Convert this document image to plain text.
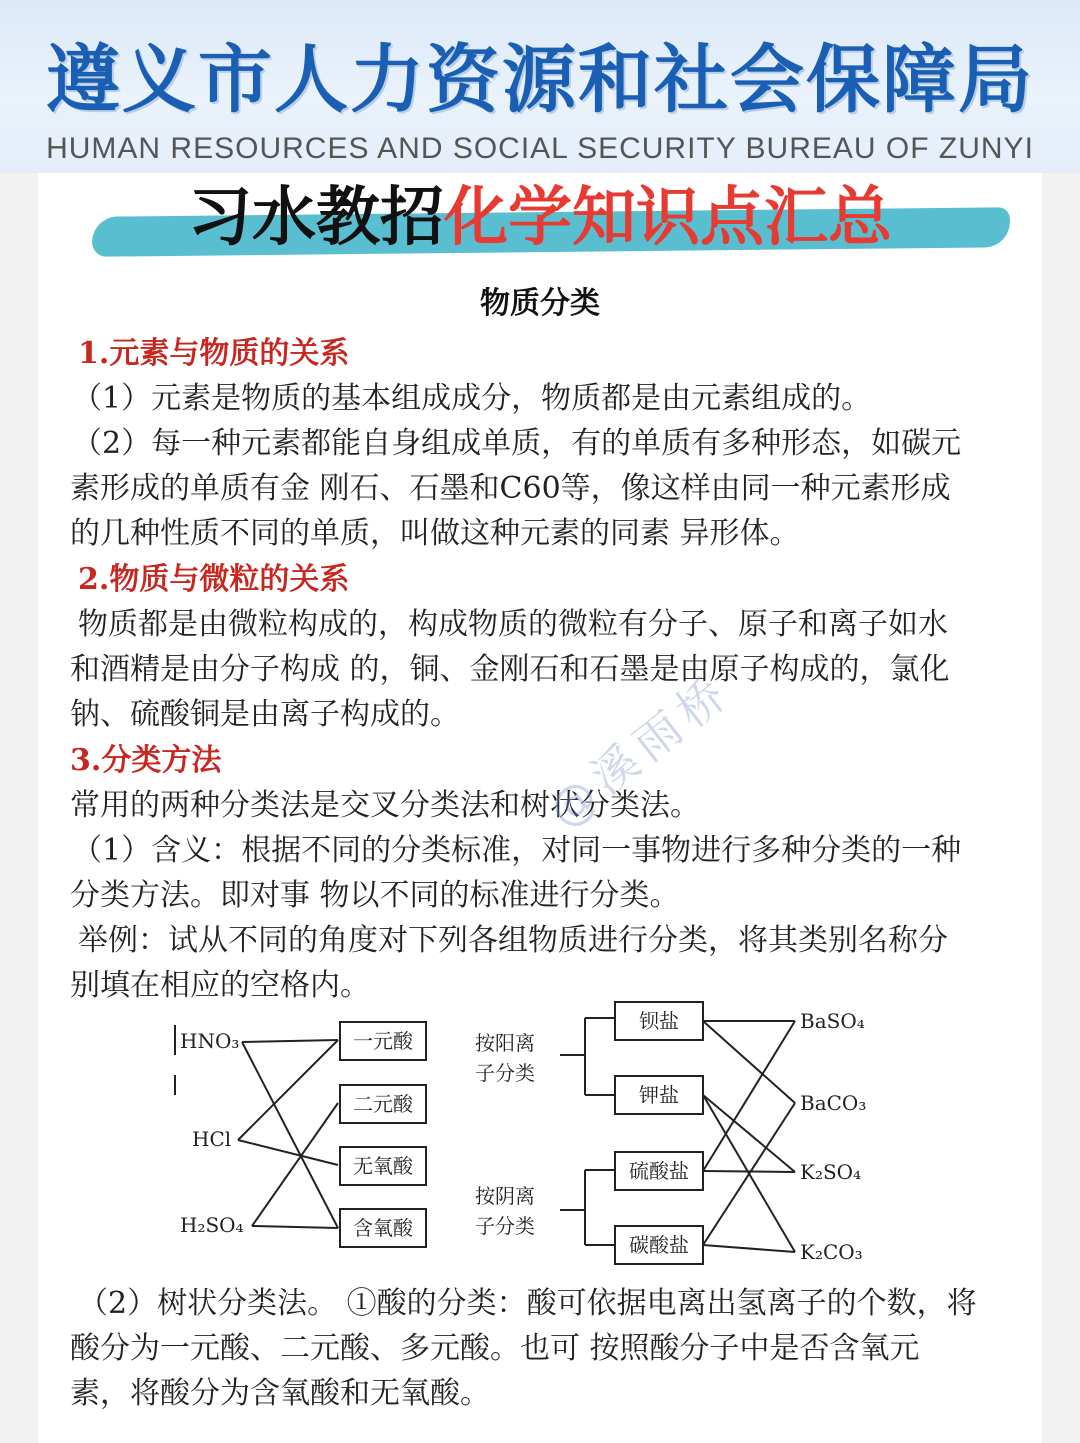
遵义市人力资源和社会保障局
HUMAN RESOURCES AND SOCIAL SECURITY BUREAU OF ZUNYI
习水教招化学知识点汇总
物质分类
1.元素与物质的关系
（1）元素是物质的基本组成成分，物质都是由元素组成的。
（2）每一种元素都能自身组成单质，有的单质有多种形态，如碳元
素形成的单质有金 刚石、石墨和C60等，像这样由同一种元素形成
的几种性质不同的单质，叫做这种元素的同素 异形体。
2.物质与微粒的关系
物质都是由微粒构成的，构成物质的微粒有分子、原子和离子如水
和酒精是由分子构成 的，铜、金刚石和石墨是由原子构成的，氯化
钠、硫酸铜是由离子构成的。
3.分类方法
常用的两种分类法是交叉分类法和树状分类法。
（1）含义：根据不同的分类标准，对同一事物进行多种分类的一种
分类方法。即对事 物以不同的标准进行分类。
举例：试从不同的角度对下列各组物质进行分类，将其类别名称分
别填在相应的空格内。
HNO₃
HCl
H₂SO₄
一元酸
二元酸
无氧酸
含氧酸
按阳离
子分类
按阴离
子分类
钡盐
钾盐
硫酸盐
碳酸盐
BaSO₄
BaCO₃
K₂SO₄
K₂CO₃
（2）树状分类法。 ①酸的分类：酸可依据电离出氢离子的个数，将
酸分为一元酸、二元酸、多元酸。也可 按照酸分子中是否含氧元
素，将酸分为含氧酸和无氧酸。
@溪雨桥
